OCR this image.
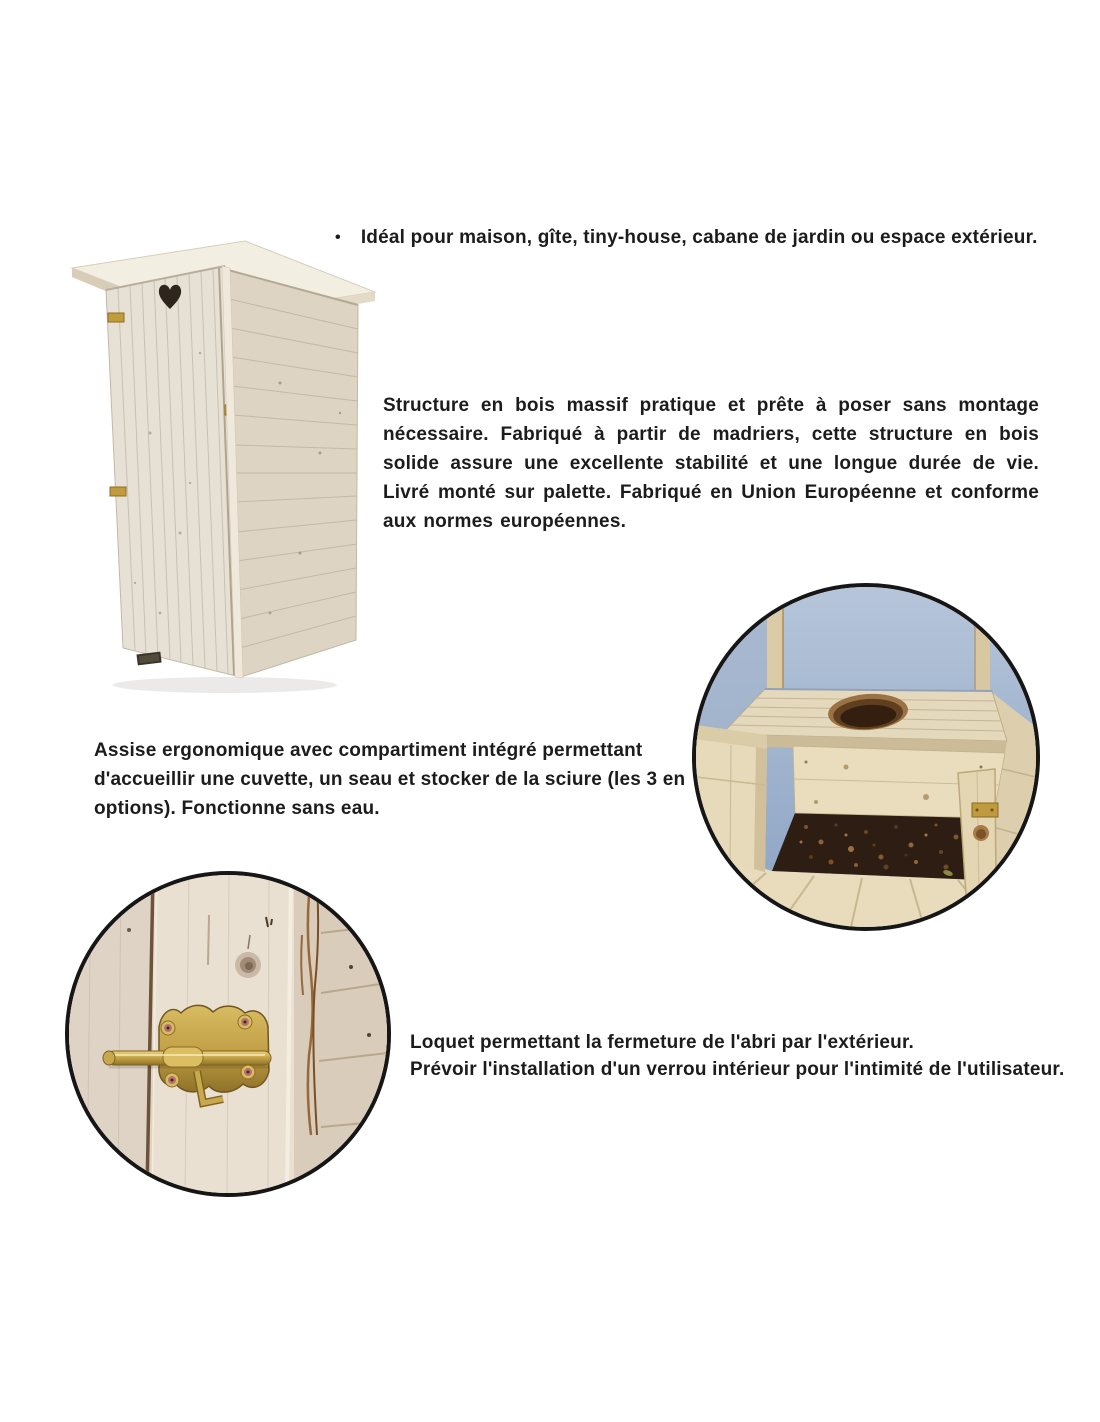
• Idéal pour maison, gîte, tiny-house, cabane de jardin ou espace extérieur.
Structure en bois massif pratique et prête à poser sans montage nécessaire. Fabriqué à partir de madriers, cette structure en bois solide assure une excellente stabilité et une longue durée de vie. Livré monté sur palette. Fabriqué en Union Européenne et conforme aux normes européennes.
Assise ergonomique avec compartiment intégré permettant d'accueillir une cuvette, un seau et stocker de la sciure (les 3 en options). Fonctionne sans eau.
Loquet permettant la fermeture de l'abri par l'extérieur.
Prévoir l'installation d'un verrou intérieur pour l'intimité de l'utilisateur.
